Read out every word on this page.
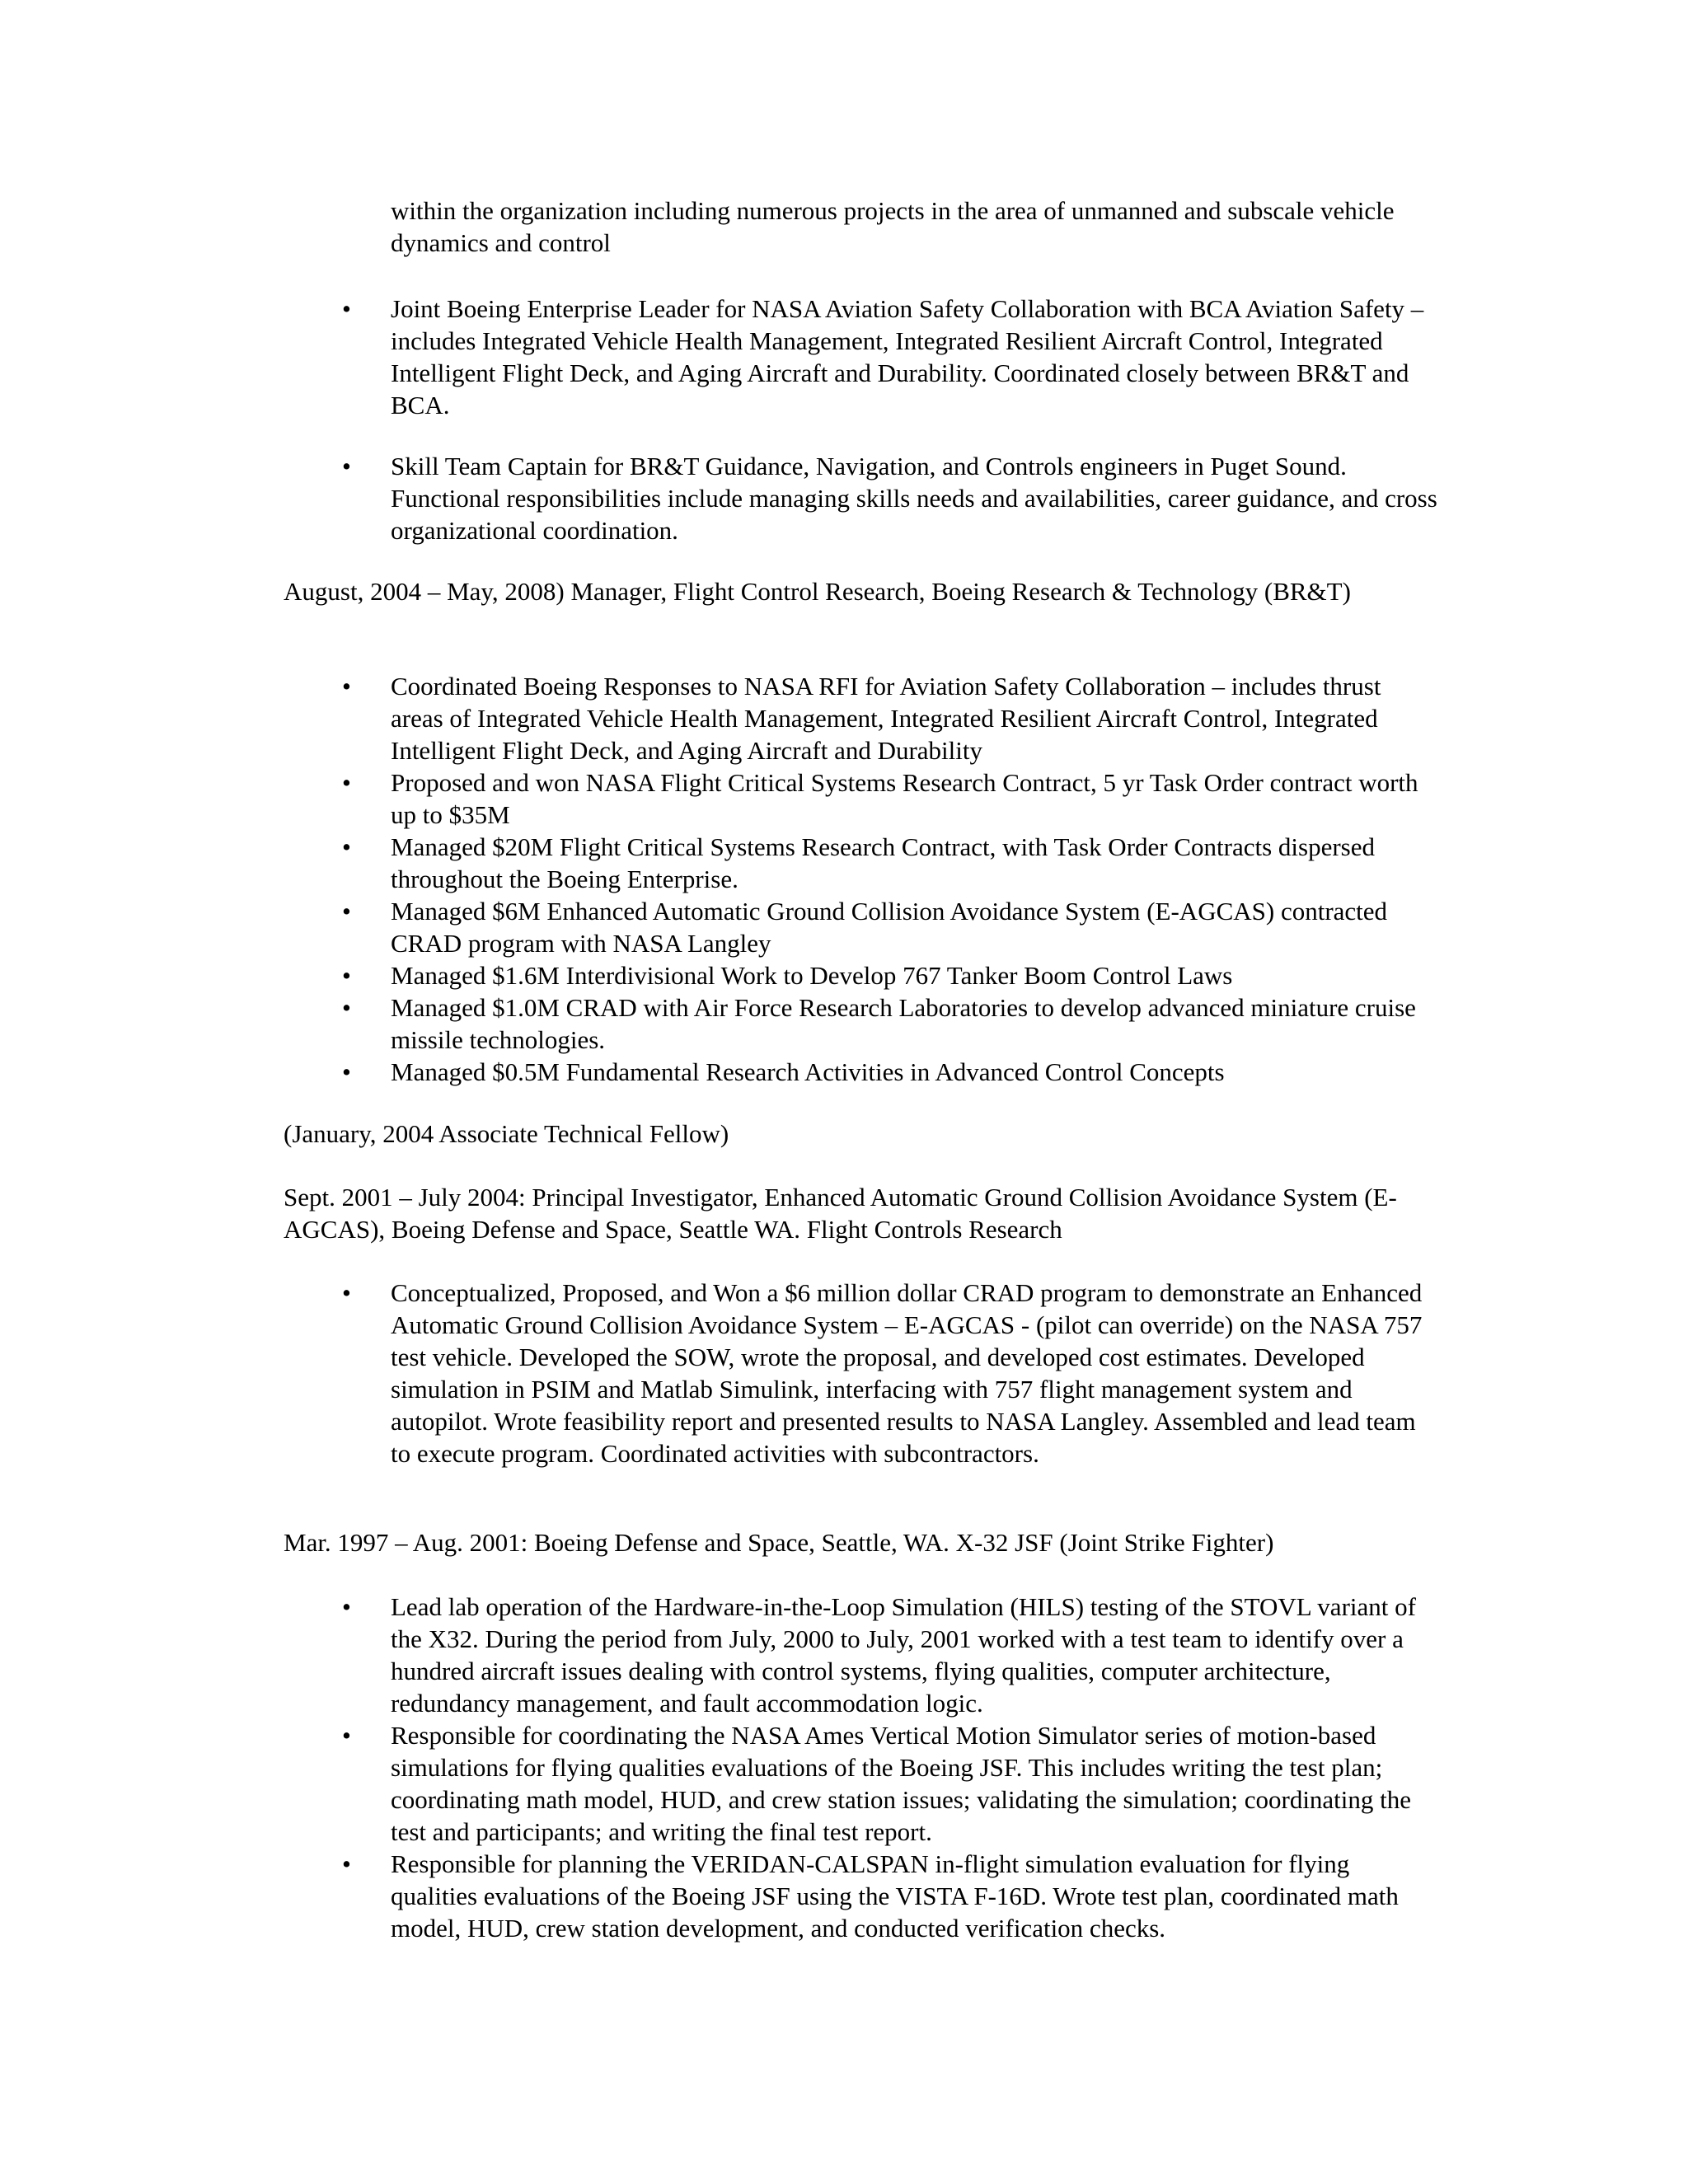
within the organization including numerous projects in the area of unmanned and subscale vehicle dynamics and control

• Joint Boeing Enterprise Leader for NASA Aviation Safety Collaboration with BCA Aviation Safety – includes Integrated Vehicle Health Management, Integrated Resilient Aircraft Control, Integrated Intelligent Flight Deck, and Aging Aircraft and Durability. Coordinated closely between BR&T and BCA.
• Skill Team Captain for BR&T Guidance, Navigation, and Controls engineers in Puget Sound. Functional responsibilities include managing skills needs and availabilities, career guidance, and cross organizational coordination.

August, 2004 – May, 2008) Manager, Flight Control Research, Boeing Research & Technology (BR&T)

• Coordinated Boeing Responses to NASA RFI for Aviation Safety Collaboration – includes thrust areas of Integrated Vehicle Health Management, Integrated Resilient Aircraft Control, Integrated Intelligent Flight Deck, and Aging Aircraft and Durability
• Proposed and won NASA Flight Critical Systems Research Contract, 5 yr Task Order contract worth up to $35M
• Managed $20M Flight Critical Systems Research Contract, with Task Order Contracts dispersed throughout the Boeing Enterprise.
• Managed $6M Enhanced Automatic Ground Collision Avoidance System (E-AGCAS) contracted CRAD program with NASA Langley
• Managed $1.6M Interdivisional Work to Develop 767 Tanker Boom Control Laws
• Managed $1.0M CRAD with Air Force Research Laboratories to develop advanced miniature cruise missile technologies.
• Managed $0.5M Fundamental Research Activities in Advanced Control Concepts

(January, 2004 Associate Technical Fellow)

Sept. 2001 – July 2004: Principal Investigator, Enhanced Automatic Ground Collision Avoidance System (E-AGCAS), Boeing Defense and Space, Seattle WA. Flight Controls Research

• Conceptualized, Proposed, and Won a $6 million dollar CRAD program to demonstrate an Enhanced Automatic Ground Collision Avoidance System – E-AGCAS - (pilot can override) on the NASA 757 test vehicle. Developed the SOW, wrote the proposal, and developed cost estimates. Developed simulation in PSIM and Matlab Simulink, interfacing with 757 flight management system and autopilot. Wrote feasibility report and presented results to NASA Langley. Assembled and lead team to execute program. Coordinated activities with subcontractors.

Mar. 1997 – Aug. 2001: Boeing Defense and Space, Seattle, WA. X-32 JSF (Joint Strike Fighter)

• Lead lab operation of the Hardware-in-the-Loop Simulation (HILS) testing of the STOVL variant of the X32. During the period from July, 2000 to July, 2001 worked with a test team to identify over a hundred aircraft issues dealing with control systems, flying qualities, computer architecture, redundancy management, and fault accommodation logic.
• Responsible for coordinating the NASA Ames Vertical Motion Simulator series of motion-based simulations for flying qualities evaluations of the Boeing JSF. This includes writing the test plan; coordinating math model, HUD, and crew station issues; validating the simulation; coordinating the test and participants; and writing the final test report.
• Responsible for planning the VERIDAN-CALSPAN in-flight simulation evaluation for flying qualities evaluations of the Boeing JSF using the VISTA F-16D. Wrote test plan, coordinated math model, HUD, crew station development, and conducted verification checks.
